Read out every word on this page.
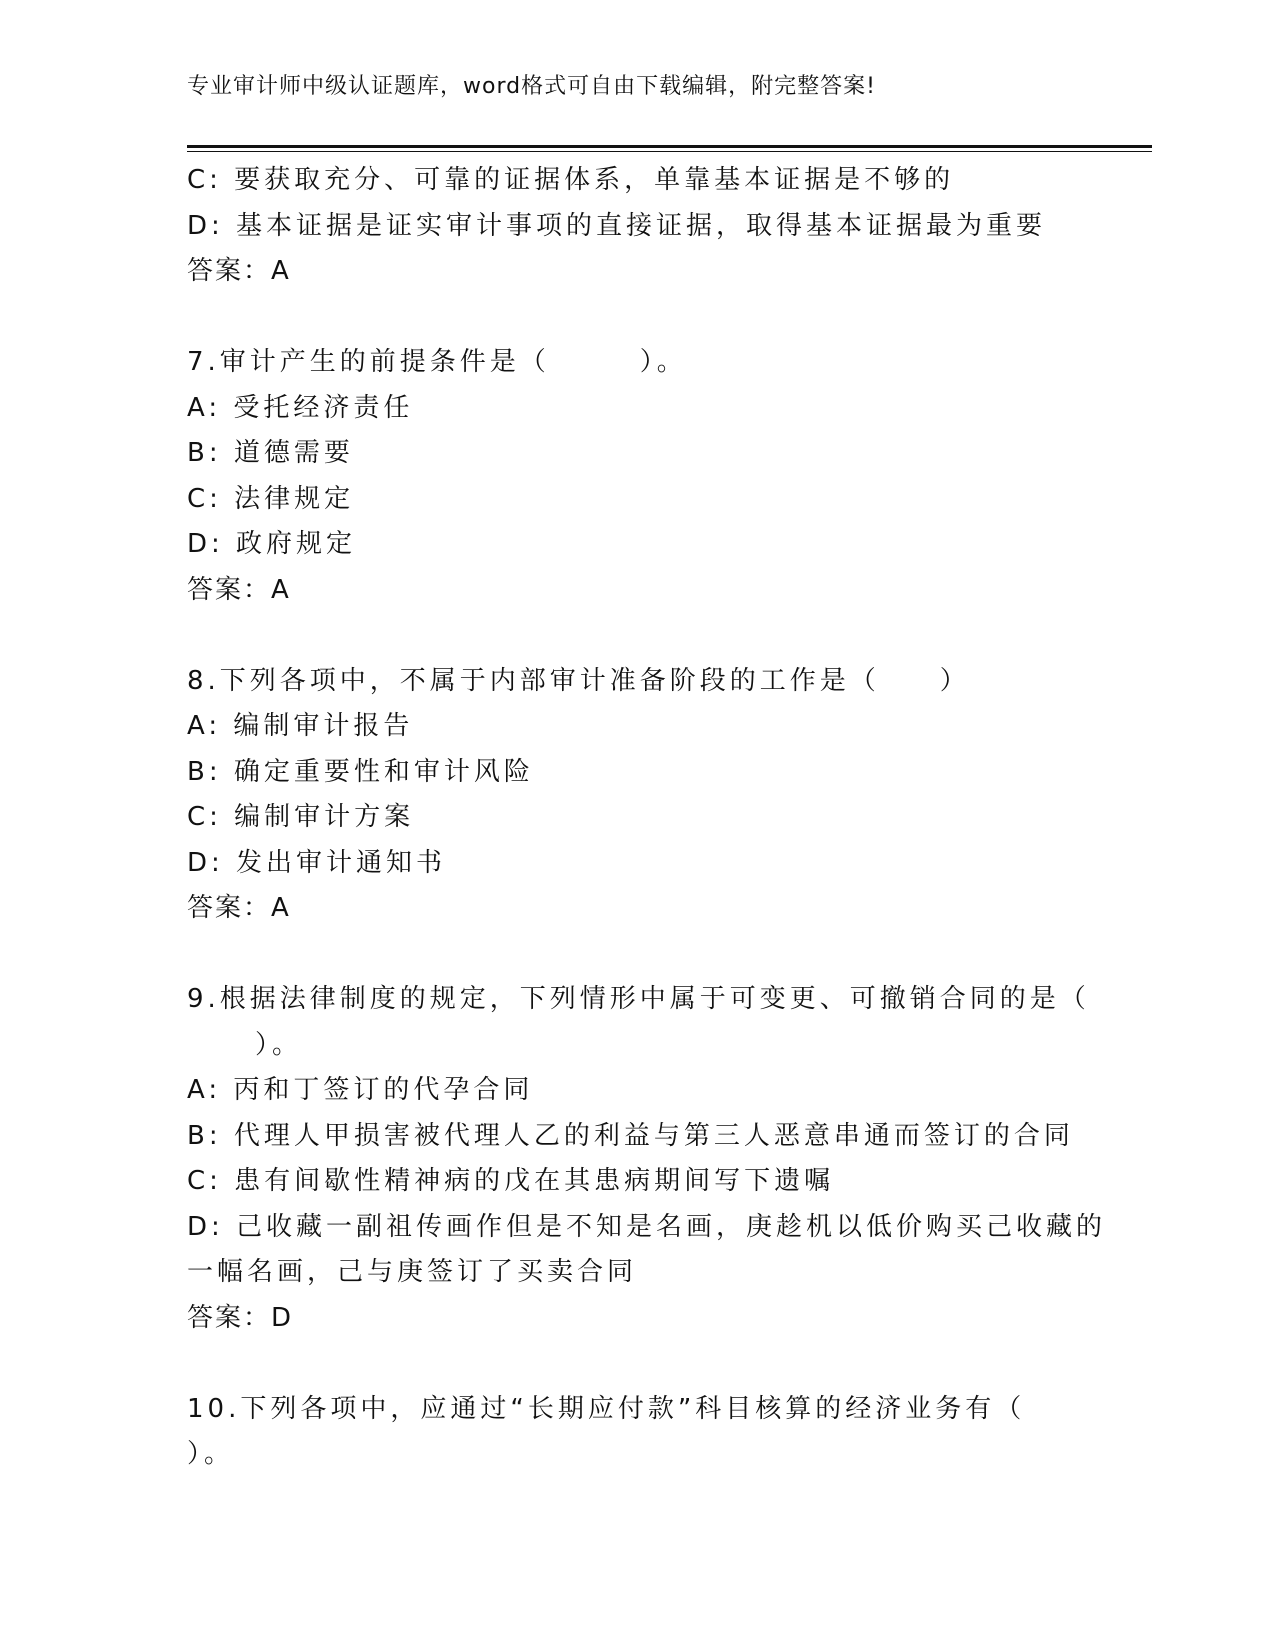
专业审计师中级认证题库，word格式可自由下载编辑，附完整答案!
C: 要获取充分、可靠的证据体系，单靠基本证据是不够的
D: 基本证据是证实审计事项的直接证据，取得基本证据最为重要
答案：A
7.审计产生的前提条件是（　　　）。
A: 受托经济责任
B: 道德需要
C: 法律规定
D: 政府规定
答案：A
8.下列各项中，不属于内部审计准备阶段的工作是（　　）
A: 编制审计报告
B: 确定重要性和审计风险
C: 编制审计方案
D: 发出审计通知书
答案：A
9.根据法律制度的规定，下列情形中属于可变更、可撤销合同的是（
）。
A: 丙和丁签订的代孕合同
B: 代理人甲损害被代理人乙的利益与第三人恶意串通而签订的合同
C: 患有间歇性精神病的戊在其患病期间写下遗嘱
D: 己收藏一副祖传画作但是不知是名画，庚趁机以低价购买己收藏的
一幅名画，己与庚签订了买卖合同
答案：D
10.下列各项中，应通过“长期应付款”科目核算的经济业务有（
）。
